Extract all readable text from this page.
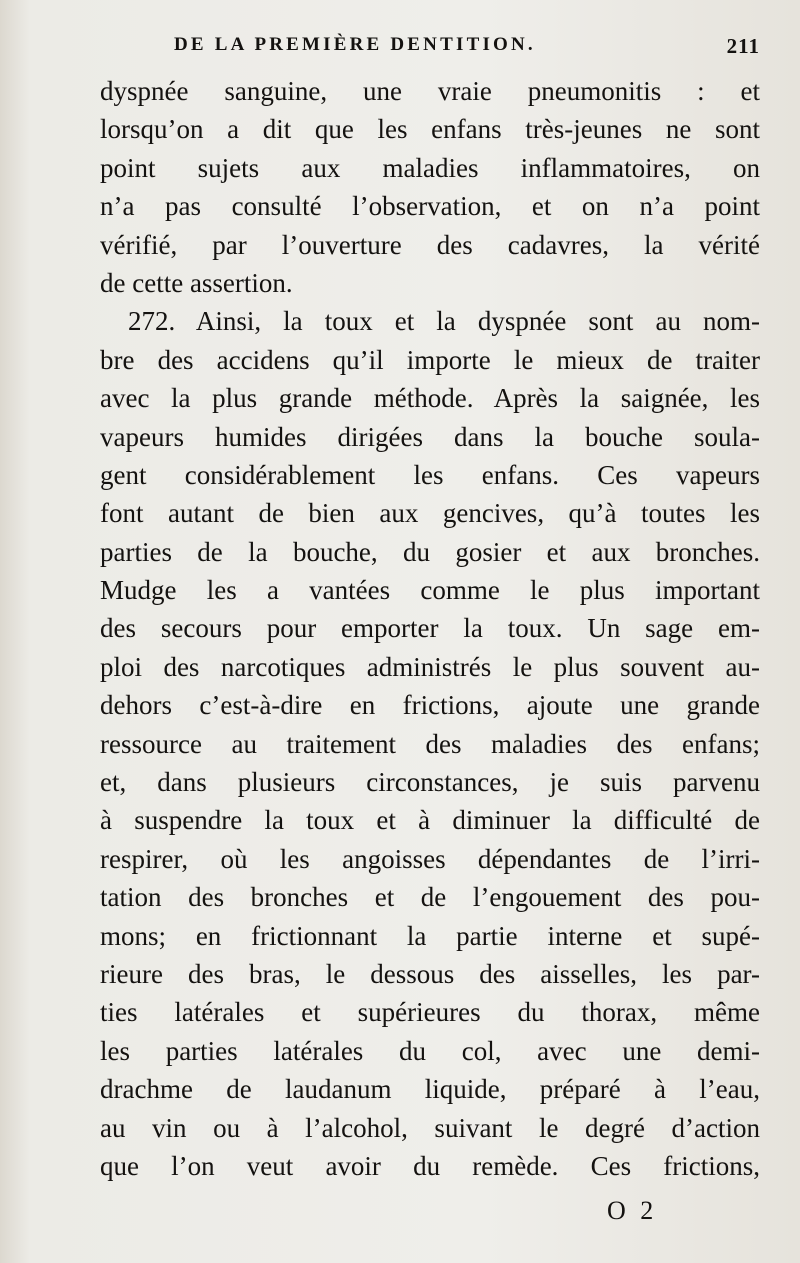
DE LA PREMIÈRE DENTITION.	211
dyspnée sanguine, une vraie pneumonitis : et
lorsqu’on a dit que les enfans très-jeunes ne sont
point sujets aux maladies inflammatoires, on
n’a pas consulté l’observation, et on n’a point
vérifié, par l’ouverture des cadavres, la vérité
de cette assertion.
272. Ainsi, la toux et la dyspnée sont au nom-
bre des accidens qu’il importe le mieux de traiter
avec la plus grande méthode. Après la saignée, les
vapeurs humides dirigées dans la bouche soula-
gent considérablement les enfans. Ces vapeurs
font autant de bien aux gencives, qu’à toutes les
parties de la bouche, du gosier et aux bronches.
Mudge les a vantées comme le plus important
des secours pour emporter la toux. Un sage em-
ploi des narcotiques administrés le plus souvent au-
dehors c’est-à-dire en frictions, ajoute une grande
ressource au traitement des maladies des enfans;
et, dans plusieurs circonstances, je suis parvenu
à suspendre la toux et à diminuer la difficulté de
respirer, où les angoisses dépendantes de l’irri-
tation des bronches et de l’engouement des pou-
mons; en frictionnant la partie interne et supé-
rieure des bras, le dessous des aisselles, les par-
ties latérales et supérieures du thorax, même
les parties latérales du col, avec une demi-
drachme de laudanum liquide, préparé à l’eau,
au vin ou à l’alcohol, suivant le degré d’action
que l’on veut avoir du remède. Ces frictions,
O 2
